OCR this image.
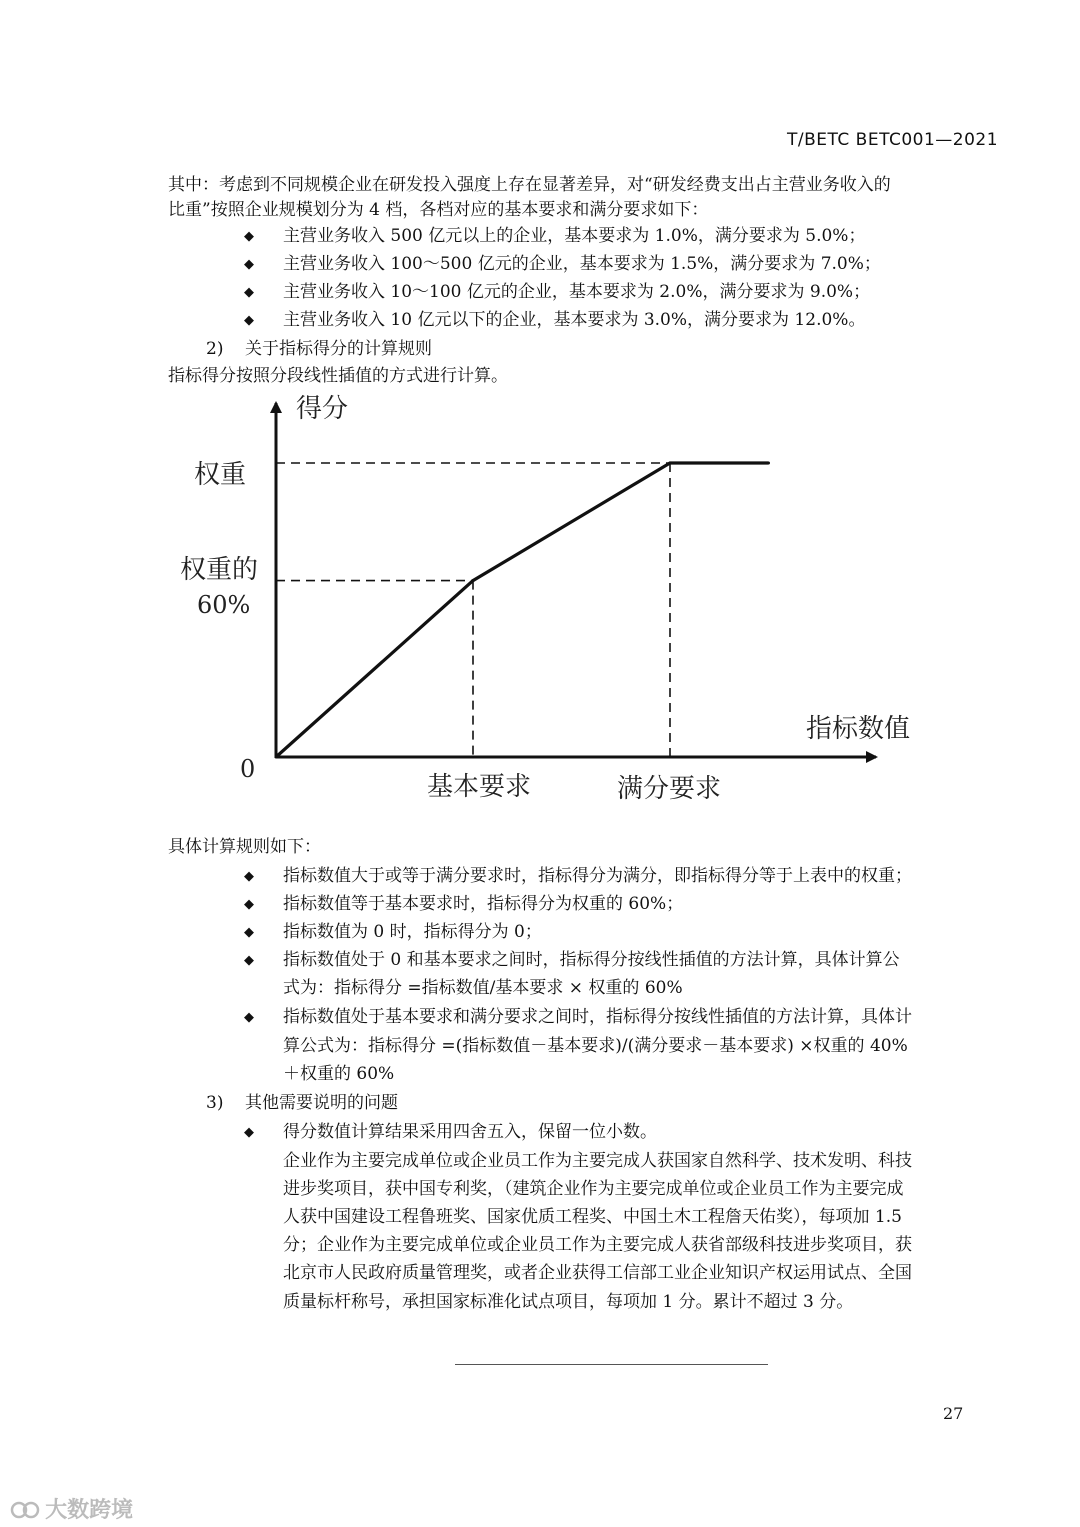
T/BETC BETC001—2021
其中：考虑到不同规模企业在研发投入强度上存在显著差异，对“研发经费支出占主营业务收入的
比重”按照企业规模划分为 4 档，各档对应的基本要求和满分要求如下：
◆ 主营业务收入 500 亿元以上的企业，基本要求为 1.0%，满分要求为 5.0%；
◆ 主营业务收入 100～500 亿元的企业，基本要求为 1.5%，满分要求为 7.0%；
◆ 主营业务收入 10～100 亿元的企业，基本要求为 2.0%，满分要求为 9.0%；
◆ 主营业务收入 10 亿元以下的企业，基本要求为 3.0%，满分要求为 12.0%。
2) 关于指标得分的计算规则
指标得分按照分段线性插值的方式进行计算。
得分
指标数值
0
权重
权重的
60%
基本要求	满分要求
具体计算规则如下：
◆ 指标数值大于或等于满分要求时，指标得分为满分，即指标得分等于上表中的权重；
◆ 指标数值等于基本要求时，指标得分为权重的 60%；
◆ 指标数值为 0 时，指标得分为 0；
◆ 指标数值处于 0 和基本要求之间时，指标得分按线性插值的方法计算，具体计算公
式为：指标得分 =指标数值/基本要求 × 权重的 60%
◆ 指标数值处于基本要求和满分要求之间时，指标得分按线性插值的方法计算，具体计
算公式为：指标得分 =(指标数值－基本要求)/(满分要求－基本要求) ×权重的 40%
＋权重的 60%
3) 其他需要说明的问题
◆ 得分数值计算结果采用四舍五入，保留一位小数。
企业作为主要完成单位或企业员工作为主要完成人获国家自然科学、技术发明、科技
进步奖项目，获中国专利奖，（建筑企业作为主要完成单位或企业员工作为主要完成
人获中国建设工程鲁班奖、国家优质工程奖、中国土木工程詹天佑奖），每项加 1.5
分；企业作为主要完成单位或企业员工作为主要完成人获省部级科技进步奖项目，获
北京市人民政府质量管理奖，或者企业获得工信部工业企业知识产权运用试点、全国
质量标杆称号，承担国家标准化试点项目，每项加 1 分。累计不超过 3 分。
27
大数跨境
